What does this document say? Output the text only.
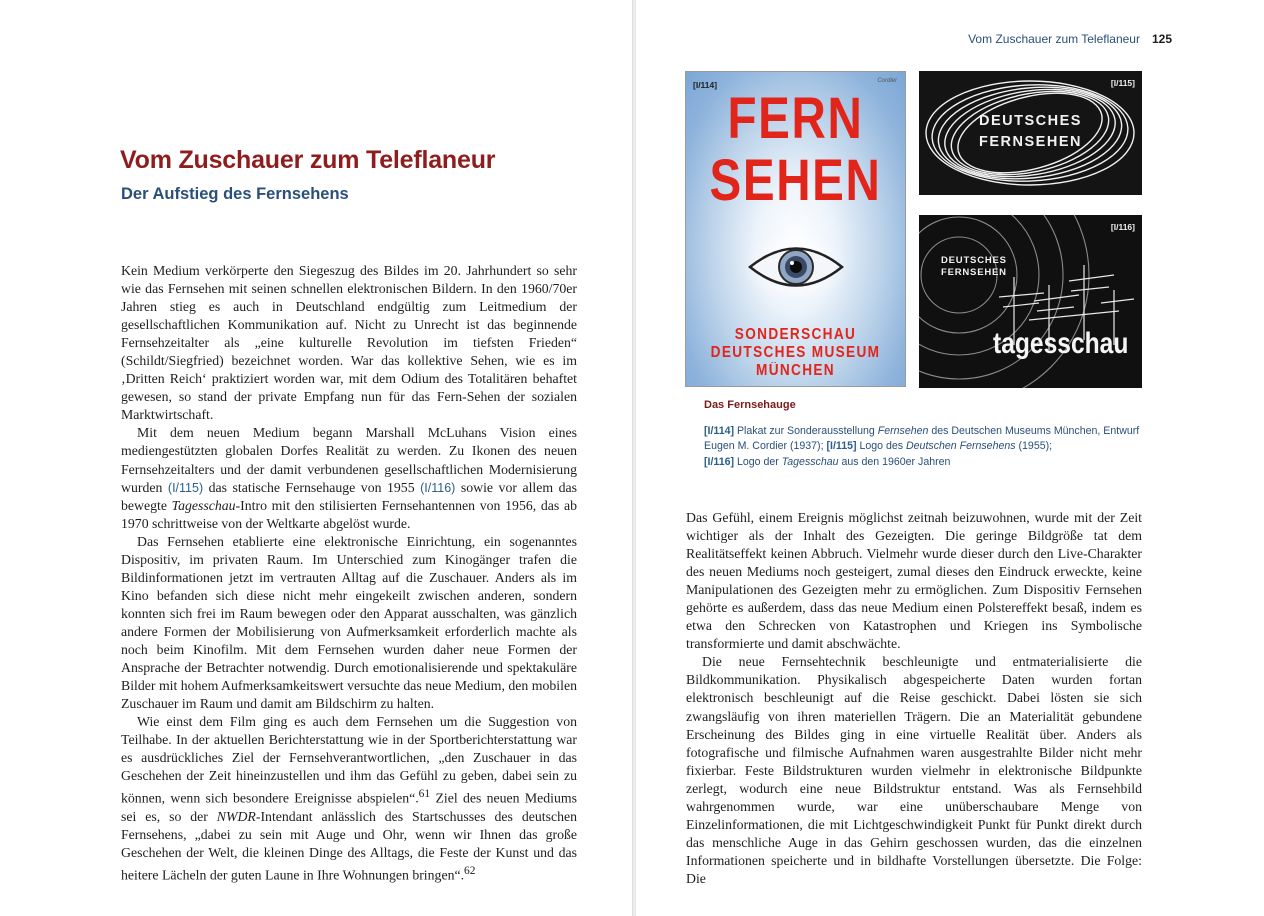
Vom Zuschauer zum Teleflaneur
Der Aufstieg des Fernsehens

Kein Medium verkörperte den Siegeszug des Bildes im 20. Jahrhundert so sehr wie das Fernsehen mit seinen schnellen elektronischen Bildern. In den 1960/70er Jahren stieg es auch in Deutschland endgültig zum Leitmedium der gesellschaftlichen Kommunikation auf. Nicht zu Unrecht ist das beginnende Fernsehzeitalter als „eine kulturelle Revolution im tiefsten Frieden“ (Schildt/Siegfried) bezeichnet worden. War das kollektive Sehen, wie es im ‚Dritten Reich‘ praktiziert worden war, mit dem Odium des Totalitären behaftet gewesen, so stand der private Empfang nun für das Fern-Sehen der sozialen Marktwirtschaft.

Mit dem neuen Medium begann Marshall McLuhans Vision eines mediengestützten globalen Dorfes Realität zu werden. Zu Ikonen des neuen Fernsehzeitalters und der damit verbundenen gesellschaftlichen Modernisierung wurden (I/115) das statische Fernsehauge von 1955 (I/116) sowie vor allem das bewegte Tagesschau-Intro mit den stilisierten Fernsehantennen von 1956, das ab 1970 schrittweise von der Weltkarte abgelöst wurde.

Das Fernsehen etablierte eine elektronische Einrichtung, ein sogenanntes Dispositiv, im privaten Raum. Im Unterschied zum Kinogänger trafen die Bildinformationen jetzt im vertrauten Alltag auf die Zuschauer. Anders als im Kino befanden sich diese nicht mehr eingekeilt zwischen anderen, sondern konnten sich frei im Raum bewegen oder den Apparat ausschalten, was gänzlich andere Formen der Mobilisierung von Aufmerksamkeit erforderlich machte als noch beim Kinofilm. Mit dem Fernsehen wurden daher neue Formen der Ansprache der Betrachter notwendig. Durch emotionalisierende und spektakuläre Bilder mit hohem Aufmerksamkeitswert versuchte das neue Medium, den mobilen Zuschauer im Raum und damit am Bildschirm zu halten.

Wie einst dem Film ging es auch dem Fernsehen um die Suggestion von Teilhabe. In der aktuellen Berichterstattung wie in der Sportberichterstattung war es ausdrückliches Ziel der Fernsehverantwortlichen, „den Zuschauer in das Geschehen der Zeit hineinzustellen und ihm das Gefühl zu geben, dabei sein zu können, wenn sich besondere Ereignisse abspielen“.$^{61}$ Ziel des neuen Mediums sei es, so der NWDR-Intendant anlässlich des Startschusses des deutschen Fernsehens, „dabei zu sein mit Auge und Ohr, wenn wir Ihnen das große Geschehen der Welt, die kleinen Dinge des Alltags, die Feste der Kunst und das heitere Lächeln der guten Laune in Ihre Wohnungen bringen“.$^{62}$

Vom Zuschauer zum Teleflaneur 125
[I/114]	Cordier
FERN
SEHEN
SONDERSCHAU
DEUTSCHES MUSEUM
MÜNCHEN
[I/115]
DEUTSCHES
FERNSEHEN
[I/116]
DEUTSCHES
FERNSEHEN
tagesschau

Das Fernsehauge

[I/114] Plakat zur Sonderausstellung Fernsehen des Deutschen Museums München, Entwurf Eugen M. Cordier (1937); [I/115] Logo des Deutschen Fernsehens (1955);
[I/116] Logo der Tagesschau aus den 1960er Jahren

Das Gefühl, einem Ereignis möglichst zeitnah beizuwohnen, wurde mit der Zeit wichtiger als der Inhalt des Gezeigten. Die geringe Bildgröße tat dem Realitätseffekt keinen Abbruch. Vielmehr wurde dieser durch den Live-Charakter des neuen Mediums noch gesteigert, zumal dieses den Eindruck erweckte, keine Manipulationen des Gezeigten mehr zu ermöglichen. Zum Dispositiv Fernsehen gehörte es außerdem, dass das neue Medium einen Polstereffekt besaß, indem es etwa den Schrecken von Katastrophen und Kriegen ins Symbolische transformierte und damit abschwächte.

Die neue Fernsehtechnik beschleunigte und entmaterialisierte die Bildkommunikation. Physikalisch abgespeicherte Daten wurden fortan elektronisch beschleunigt auf die Reise geschickt. Dabei lösten sie sich zwangsläufig von ihren materiellen Trägern. Die an Materialität gebundene Erscheinung des Bildes ging in eine virtuelle Realität über. Anders als fotografische und filmische Aufnahmen waren ausgestrahlte Bilder nicht mehr fixierbar. Feste Bildstrukturen wurden vielmehr in elektronische Bildpunkte zerlegt, wodurch eine neue Bildstruktur entstand. Was als Fernsehbild wahrgenommen wurde, war eine unüberschaubare Menge von Einzelinformationen, die mit Lichtgeschwindigkeit Punkt für Punkt direkt durch das menschliche Auge in das Gehirn geschossen wurden, das die einzelnen Informationen speicherte und in bildhafte Vorstellungen übersetzte. Die Folge: Die
